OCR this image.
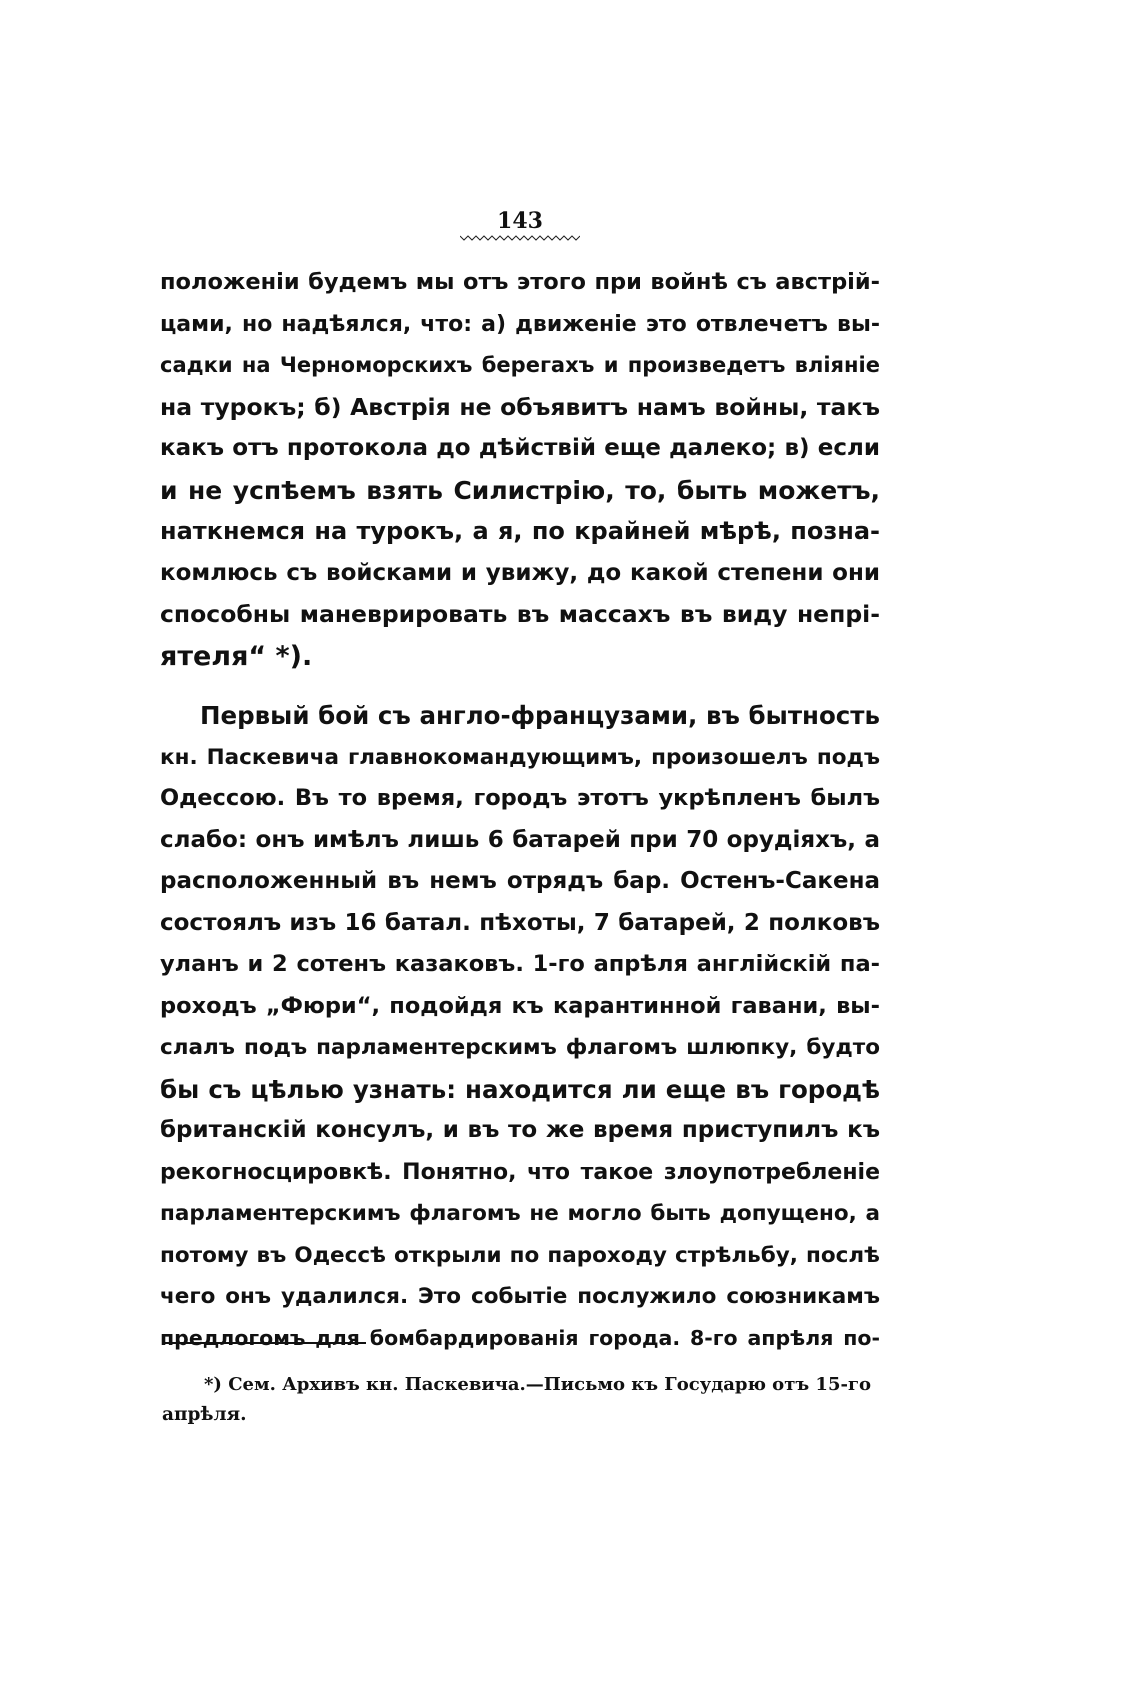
143
положеніи будемъ мы отъ этого при войнѣ съ австрій-
цами, но надѣялся, что: а) движеніе это отвлечетъ вы-
садки на Черноморскихъ берегахъ и произведетъ вліяніе
на турокъ; б) Австрія не объявитъ намъ войны, такъ
какъ отъ протокола до дѣйствій еще далеко; в) если
и не успѣемъ взять Силистрію, то, быть можетъ,
наткнемся на турокъ, а я, по крайней мѣрѣ, позна-
комлюсь съ войсками и увижу, до какой степени они
способны маневрировать въ массахъ въ виду непрі-
ятеля“ *).
Первый бой съ англо-французами, въ бытность
кн. Паскевича главнокомандующимъ, произошелъ подъ
Одессою. Въ то время, городъ этотъ укрѣпленъ былъ
слабо: онъ имѣлъ лишь 6 батарей при 70 орудіяхъ, а
расположенный въ немъ отрядъ бар. Остенъ-Сакена
состоялъ изъ 16 батал. пѣхоты, 7 батарей, 2 полковъ
уланъ и 2 сотенъ казаковъ. 1-го апрѣля англійскій па-
роходъ „Фюри“, подойдя къ карантинной гавани, вы-
слалъ подъ парламентерскимъ флагомъ шлюпку, будто
бы съ цѣлью узнать: находится ли еще въ городѣ
британскій консулъ, и въ то же время приступилъ къ
рекогносцировкѣ. Понятно, что такое злоупотребленіе
парламентерскимъ флагомъ не могло быть допущено, а
потому въ Одессѣ открыли по пароходу стрѣльбу, послѣ
чего онъ удалился. Это событіе послужило союзникамъ
предлогомъ для бомбардированія города. 8-го апрѣля по-
*) Сем. Архивъ кн. Паскевича.—Письмо къ Государю отъ 15-го
апрѣля.
